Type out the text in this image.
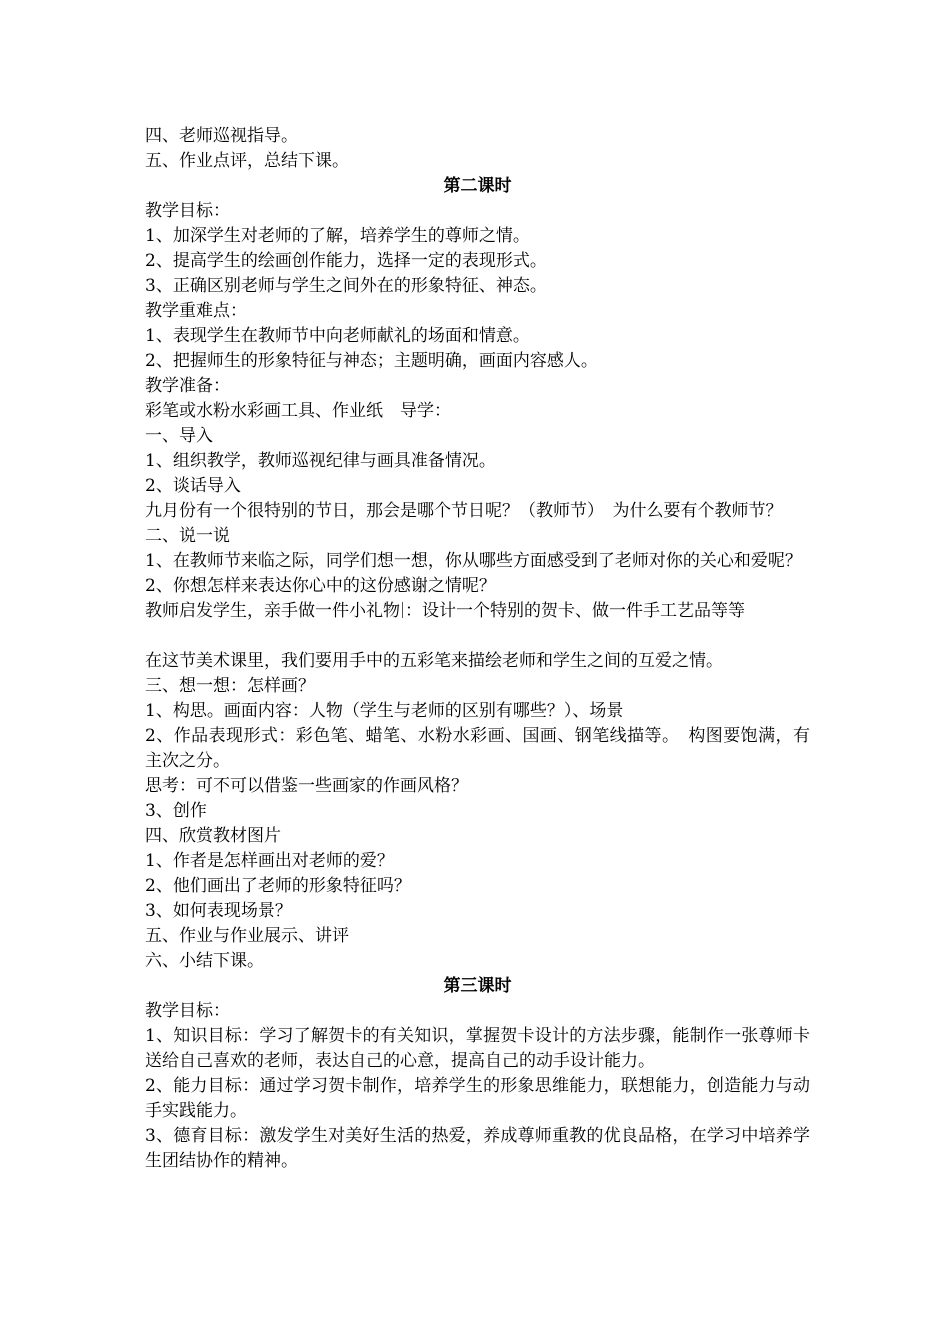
四、老师巡视指导。

五、作业点评，总结下课。

第二课时

教学目标：

1、加深学生对老师的了解，培养学生的尊师之情。

2、提高学生的绘画创作能力，选择一定的表现形式。

3、正确区别老师与学生之间外在的形象特征、神态。

教学重难点：

1、表现学生在教师节中向老师献礼的场面和情意。

2、把握师生的形象特征与神态；主题明确，画面内容感人。

教学准备：

彩笔或水粉水彩画工具、作业纸　导学：

一、导入

1、组织教学，教师巡视纪律与画具准备情况。

2、谈话导入

九月份有一个很特别的节日，那会是哪个节日呢？（教师节）　为什么要有个教师节？

二、说一说

1、在教师节来临之际，同学们想一想，你从哪些方面感受到了老师对你的关心和爱呢？

2、你想怎样来表达你心中的这份感谢之情呢？

教师启发学生，亲手做一件小礼物 ：设计一个特别的贺卡、做一件手工艺品等等

在这节美术课里，我们要用手中的五彩笔来描绘老师和学生之间的互爱之情。

三、想一想：怎样画？

1、构思。画面内容：人物（学生与老师的区别有哪些？）、场景

2、作品表现形式：彩色笔、蜡笔、水粉水彩画、国画、钢笔线描等。　构图要饱满，有主次之分。

思考：可不可以借鉴一些画家的作画风格？

3、创作

四、欣赏教材图片

1、作者是怎样画出对老师的爱？

2、他们画出了老师的形象特征吗？

3、如何表现场景？

五、作业与作业展示、讲评

六、小结下课。

第三课时

教学目标：

1、知识目标：学习了解贺卡的有关知识，掌握贺卡设计的方法步骤，能制作一张尊师卡送给自己喜欢的老师，表达自己的心意，提高自己的动手设计能力。

2、能力目标：通过学习贺卡制作，培养学生的形象思维能力，联想能力，创造能力与动手实践能力。

3、德育目标：激发学生对美好生活的热爱，养成尊师重教的优良品格，在学习中培养学生团结协作的精神。
